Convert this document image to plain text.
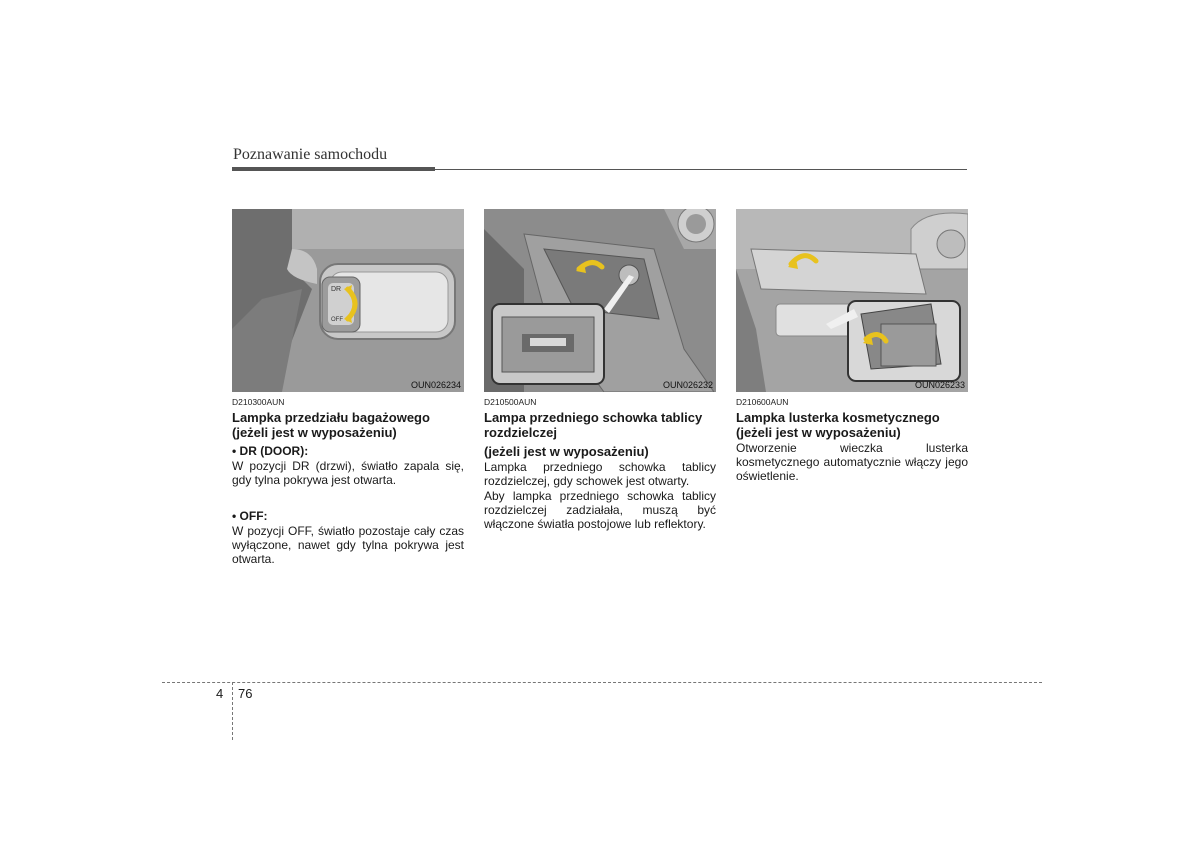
Poznawanie samochodu
DR
OFF
OUN026234
D210300AUN
Lampka przedziału bagażowego (jeżeli jest w wyposażeniu)
• DR (DOOR):
W pozycji DR (drzwi), światło zapala się, gdy tylna pokrywa jest otwarta.
• OFF:
W pozycji OFF, światło pozostaje cały czas wyłączone, nawet gdy tylna pokrywa jest otwarta.
OUN026232
D210500AUN
Lampa przedniego schowka tablicy rozdzielczej
(jeżeli jest w wyposażeniu)
Lampka przedniego schowka tablicy rozdzielczej, gdy schowek jest otwarty.
Aby lampka przedniego schowka tablicy rozdzielczej zadziałała, muszą być włączone światła postojowe lub reflektory.
OUN026233
D210600AUN
Lampka lusterka kosmetycznego (jeżeli jest w wyposażeniu)
Otworzenie wieczka lusterka kosmetycznego automatycznie włączy jego oświetlenie.
4 76
